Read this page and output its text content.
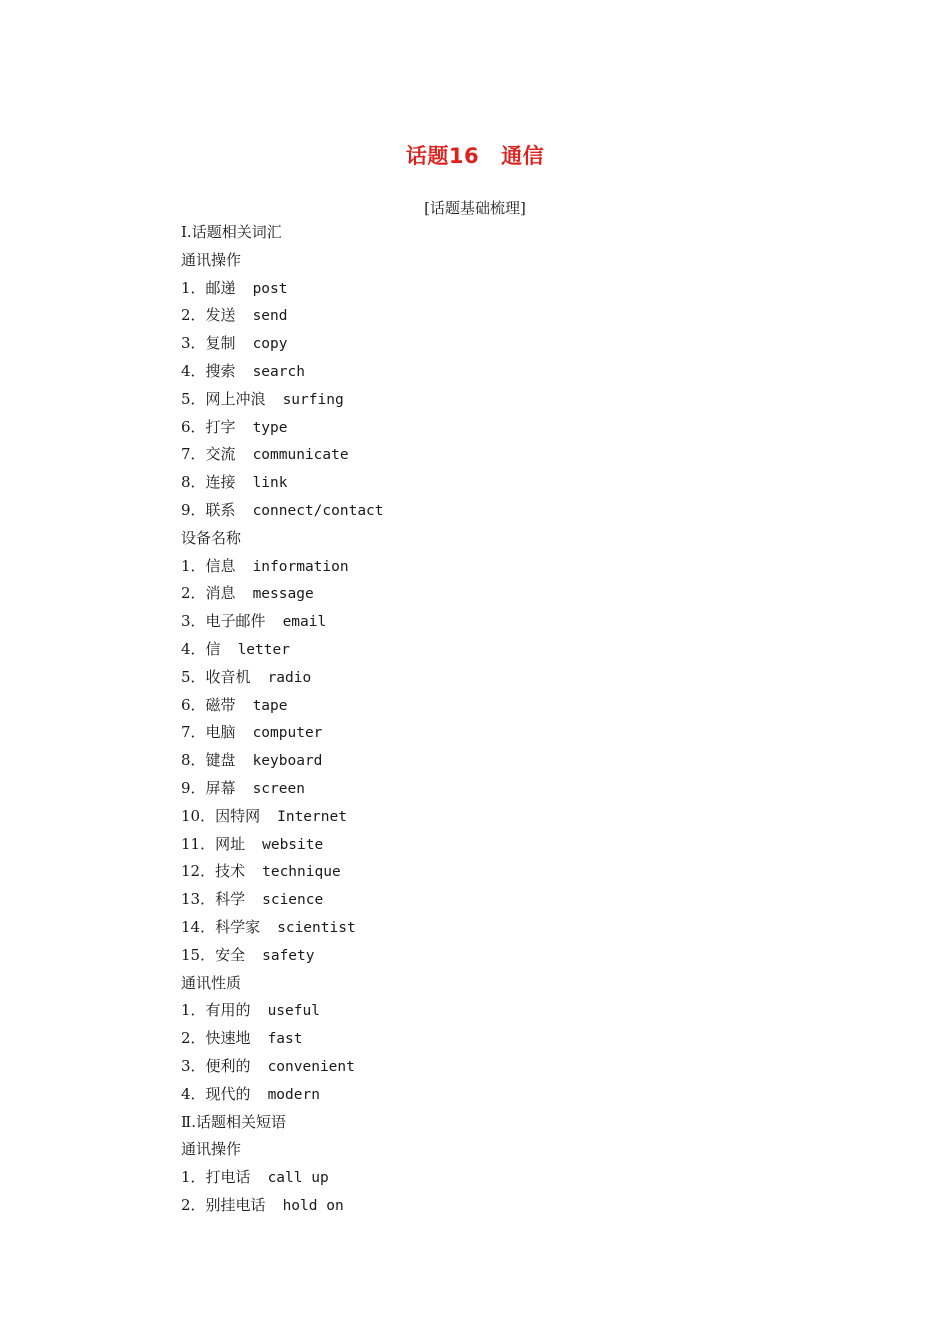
话题16 通信
[话题基础梳理]
Ⅰ.话题相关词汇
通讯操作
1．邮递 post
2．发送 send
3．复制 copy
4．搜索 search
5．网上冲浪 surfing
6．打字 type
7．交流 communicate
8．连接 link
9．联系 connect/contact
设备名称
1．信息 information
2．消息 message
3．电子邮件 email
4．信 letter
5．收音机 radio
6．磁带 tape
7．电脑 computer
8．键盘 keyboard
9．屏幕 screen
10．因特网 Internet
11．网址 website
12．技术 technique
13．科学 science
14．科学家 scientist
15．安全 safety
通讯性质
1．有用的 useful
2．快速地 fast
3．便利的 convenient
4．现代的 modern
Ⅱ.话题相关短语
通讯操作
1．打电话 call up
2．别挂电话 hold on
